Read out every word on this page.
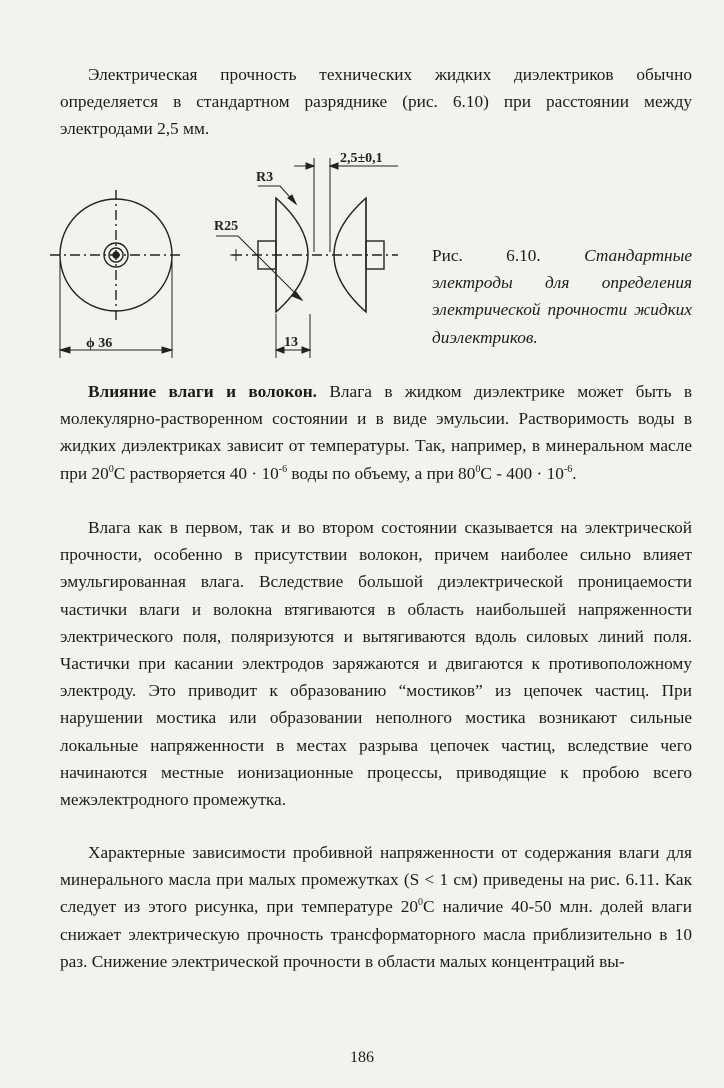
Электрическая прочность технических жидких диэлектриков обычно определяется в стандартном разряднике (рис. 6.10) при расстоянии между электродами 2,5 мм.

ϕ 36
2,5±0,1
R3
R25
13
Рис. 6.10.	Стандартные электроды для определения электрической прочности жидких диэлектриков.

Влияние влаги и волокон. Влага в жидком диэлектрике может быть в молекулярно-растворенном состоянии и в виде эмульсии. Растворимость воды в жидких диэлектриках зависит от температуры. Так, например, в минеральном масле при $20^0С$ растворяется $40 \cdot 10^{-6}$ воды по объему, а при $80^0С - 400 \cdot 10^{-6}$.

Влага как в первом, так и во втором состоянии сказывается на электрической прочности, особенно в присутствии волокон, причем наиболее сильно влияет эмульгированная влага. Вследствие большой диэлектрической проницаемости частички влаги и волокна втягиваются в область наибольшей напряженности электрического поля, поляризуются и вытягиваются вдоль силовых линий поля. Частички при касании электродов заряжаются и двигаются к противоположному электроду. Это приводит к образованию “мостиков” из цепочек частиц. При нарушении мостика или образовании неполного мостика возникают сильные локальные напряженности в местах разрыва цепочек частиц, вследствие чего начинаются местные ионизационные процессы, приводящие к пробою всего межэлектродного промежутка.

Характерные зависимости пробивной напряженности от содержания влаги для минерального масла при малых промежутках (S < 1 см) приведены на рис. 6.11. Как следует из этого рисунка, при температуре $20^0С$ наличие 40-50 млн. долей влаги снижает электрическую прочность трансформаторного масла приблизительно в 10 раз. Снижение электрической прочности в области малых концентраций вы-

186
